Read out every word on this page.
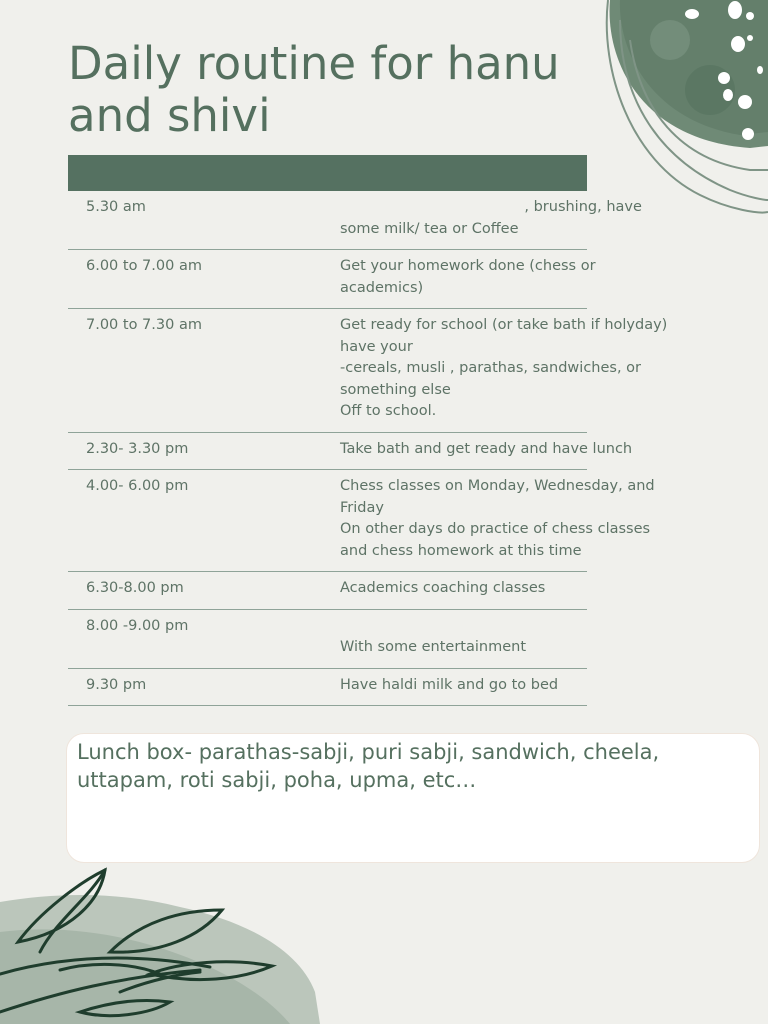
Daily routine for hanu and shivi
5.30 am	, brushing, have
some milk/ tea or Coffee
6.00 to 7.00 am	Get your homework done (chess or
academics)
7.00 to 7.30 am	Get ready for school (or take bath if holyday)
have your
-cereals, musli , parathas, sandwiches, or
something else
Off to school.
2.30- 3.30 pm	Take bath and get ready and have lunch
4.00- 6.00 pm	Chess classes on Monday, Wednesday, and
Friday
On other days do practice of chess classes
and chess homework at this time
6.30-8.00 pm	Academics coaching classes
8.00 -9.00 pm

With some entertainment
9.30 pm	Have haldi milk and go to bed
Lunch box- parathas-sabji, puri sabji, sandwich, cheela, uttapam, roti sabji, poha, upma, etc…
